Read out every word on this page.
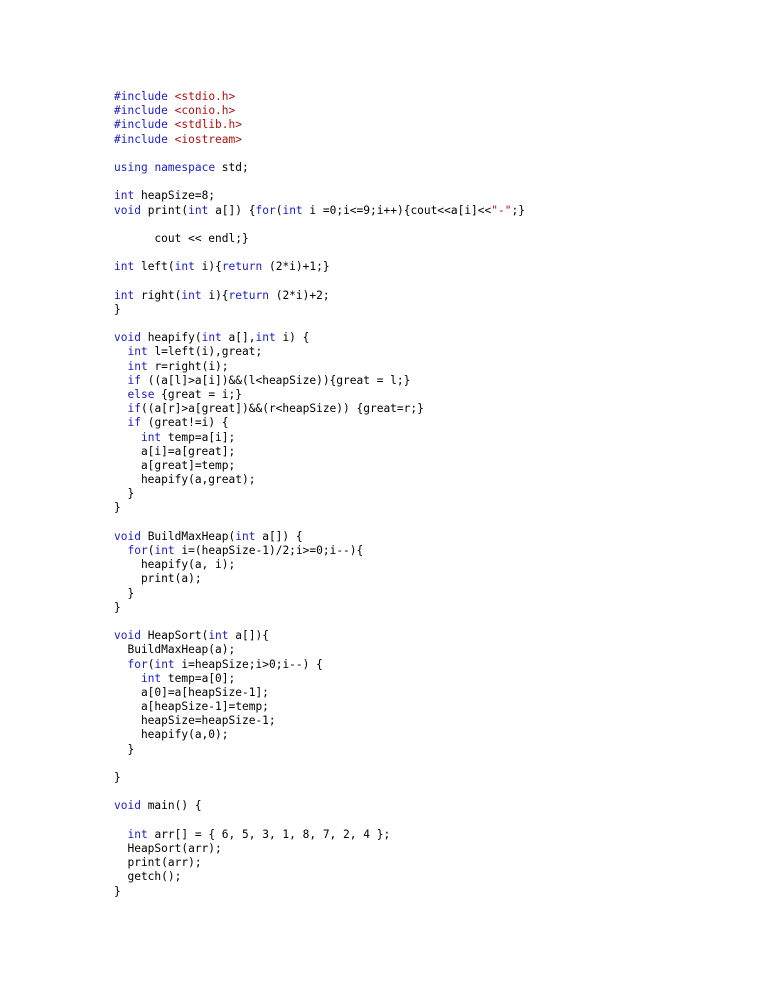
#include <stdio.h>
#include <conio.h>
#include <stdlib.h>
#include <iostream>

using namespace std;

int heapSize=8;
void print(int a[]) {for(int i =0;i<=9;i++){cout<<a[i]<<"-";}

cout << endl;}

int left(int i){return (2*i)+1;}

int right(int i){return (2*i)+2;
}

void heapify(int a[],int i) {
int l=left(i),great;
int r=right(i);
if ((a[l]>a[i])&&(l<heapSize)){great = l;}
else {great = i;}
if((a[r]>a[great])&&(r<heapSize)) {great=r;}
if (great!=i) {
int temp=a[i];
a[i]=a[great];
a[great]=temp;
heapify(a,great);
}
}

void BuildMaxHeap(int a[]) {
for(int i=(heapSize-1)/2;i>=0;i--){
heapify(a, i);
print(a);
}
}

void HeapSort(int a[]){
BuildMaxHeap(a);
for(int i=heapSize;i>0;i--) {
int temp=a[0];
a[0]=a[heapSize-1];
a[heapSize-1]=temp;
heapSize=heapSize-1;
heapify(a,0);
}

}

void main() {

int arr[] = { 6, 5, 3, 1, 8, 7, 2, 4 };
HeapSort(arr);
print(arr);
getch();
}
